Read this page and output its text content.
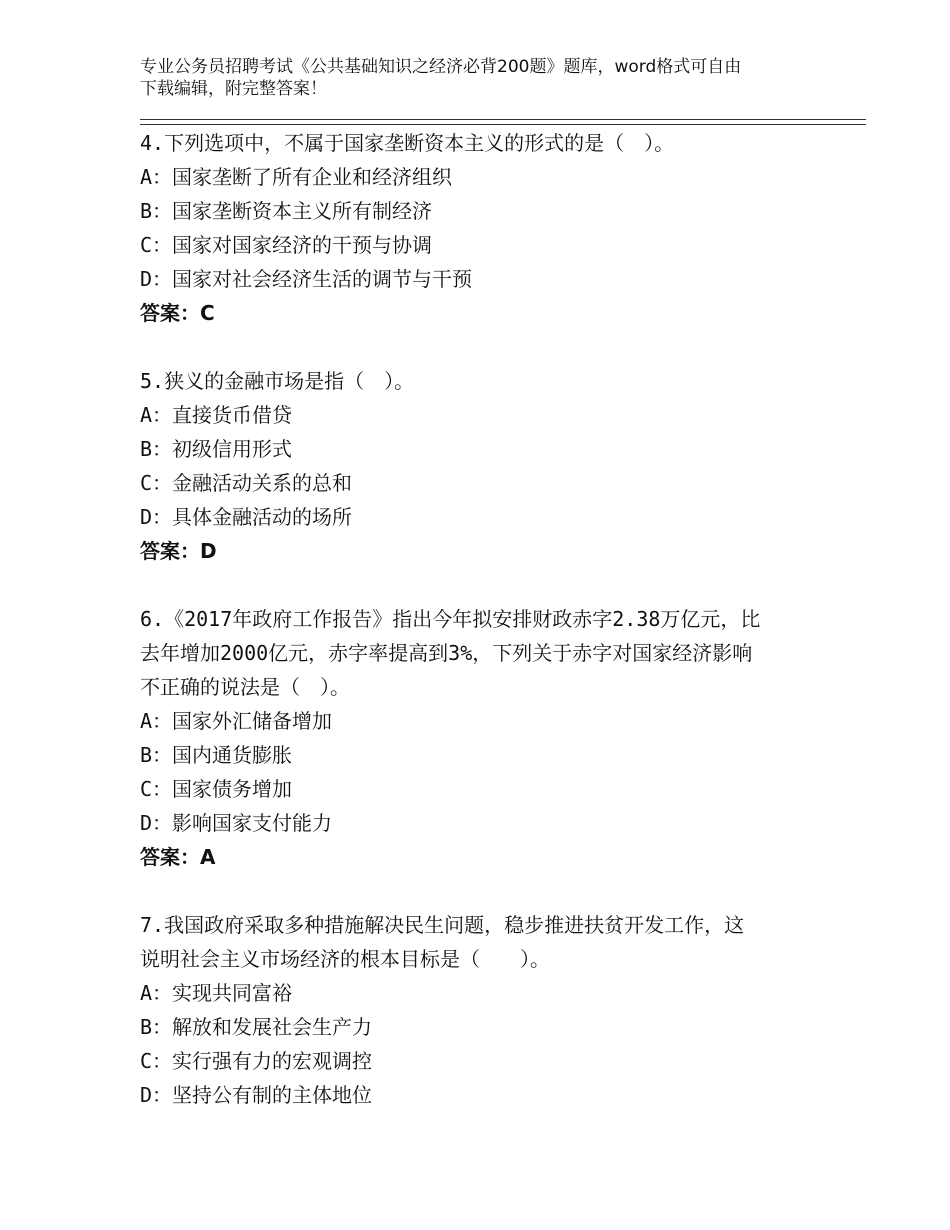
专业公务员招聘考试《公共基础知识之经济必背200题》题库，word格式可自由
下载编辑，附完整答案！
4.下列选项中，不属于国家垄断资本主义的形式的是（　）。
A：国家垄断了所有企业和经济组织
B：国家垄断资本主义所有制经济
C：国家对国家经济的干预与协调
D：国家对社会经济生活的调节与干预
答案：C
5.狭义的金融市场是指（　）。
A：直接货币借贷
B：初级信用形式
C：金融活动关系的总和
D：具体金融活动的场所
答案：D
6.《2017年政府工作报告》指出今年拟安排财政赤字2.38万亿元，比
去年增加2000亿元，赤字率提高到3%，下列关于赤字对国家经济影响
不正确的说法是（　）。
A：国家外汇储备增加
B：国内通货膨胀
C：国家债务增加
D：影响国家支付能力
答案：A
7.我国政府采取多种措施解决民生问题，稳步推进扶贫开发工作，这
说明社会主义市场经济的根本目标是（　　）。
A：实现共同富裕
B：解放和发展社会生产力
C：实行强有力的宏观调控
D：坚持公有制的主体地位
